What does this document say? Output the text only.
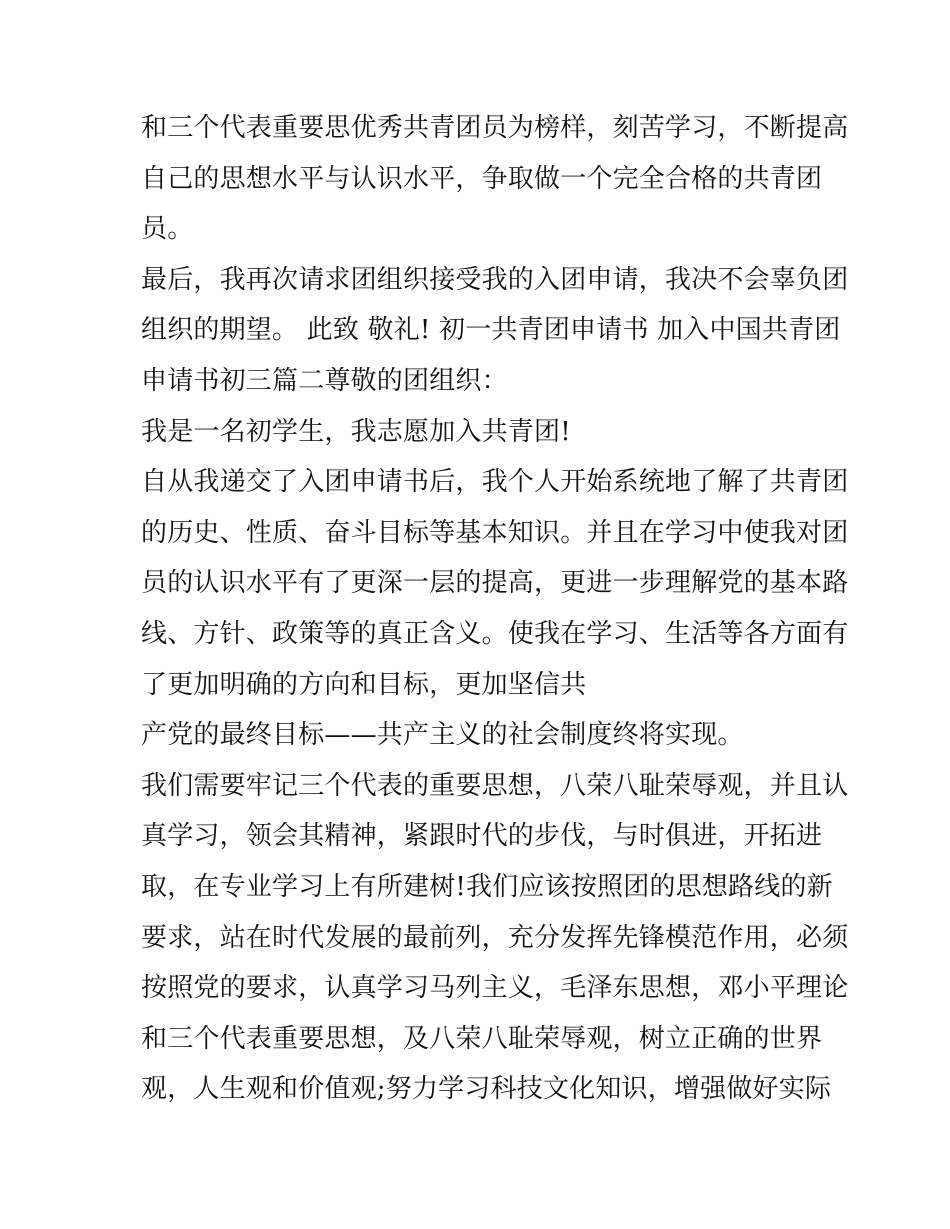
和三个代表重要思优秀共青团员为榜样，刻苦学习，不断提高
自己的思想水平与认识水平，争取做一个完全合格的共青团
员。
最后，我再次请求团组织接受我的入团申请，我决不会辜负团
组织的期望。 此致 敬礼! 初一共青团申请书 加入中国共青团
申请书初三篇二尊敬的团组织：
我是一名初学生，我志愿加入共青团!
自从我递交了入团申请书后，我个人开始系统地了解了共青团
的历史、性质、奋斗目标等基本知识。并且在学习中使我对团
员的认识水平有了更深一层的提高，更进一步理解党的基本路
线、方针、政策等的真正含义。使我在学习、生活等各方面有
了更加明确的方向和目标，更加坚信共
产党的最终目标——共产主义的社会制度终将实现。
我们需要牢记三个代表的重要思想，八荣八耻荣辱观，并且认
真学习，领会其精神，紧跟时代的步伐，与时俱进，开拓进
取，在专业学习上有所建树!我们应该按照团的思想路线的新
要求，站在时代发展的最前列，充分发挥先锋模范作用，必须
按照党的要求，认真学习马列主义，毛泽东思想，邓小平理论
和三个代表重要思想，及八荣八耻荣辱观，树立正确的世界
观，人生观和价值观;努力学习科技文化知识，增强做好实际
